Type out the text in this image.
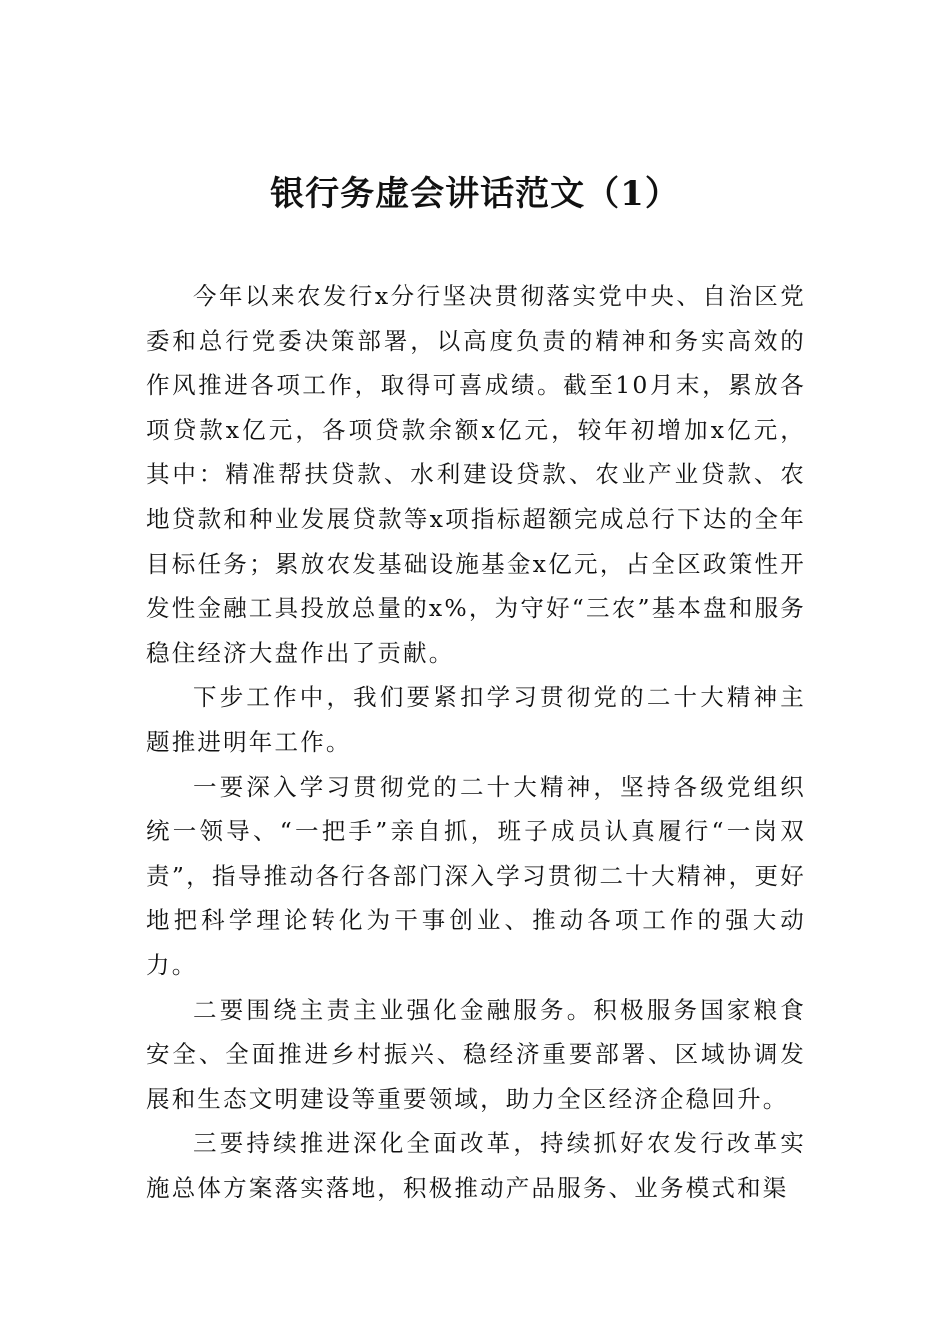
银行务虚会讲话范文（1）

今年以来农发行x分行坚决贯彻落实党中央、自治区党委和总行党委决策部署，以高度负责的精神和务实高效的作风推进各项工作，取得可喜成绩。截至10月末，累放各项贷款x亿元，各项贷款余额x亿元，较年初增加x亿元，其中：精准帮扶贷款、水利建设贷款、农业产业贷款、农地贷款和种业发展贷款等x项指标超额完成总行下达的全年目标任务；累放农发基础设施基金x亿元，占全区政策性开发性金融工具投放总量的x%，为守好“三农”基本盘和服务稳住经济大盘作出了贡献。

下步工作中，我们要紧扣学习贯彻党的二十大精神主题推进明年工作。

一要深入学习贯彻党的二十大精神，坚持各级党组织统一领导、“一把手”亲自抓，班子成员认真履行“一岗双责”，指导推动各行各部门深入学习贯彻二十大精神，更好地把科学理论转化为干事创业、推动各项工作的强大动力。

二要围绕主责主业强化金融服务。积极服务国家粮食安全、全面推进乡村振兴、稳经济重要部署、区域协调发展和生态文明建设等重要领域，助力全区经济企稳回升。

三要持续推进深化全面改革，持续抓好农发行改革实施总体方案落实落地，积极推动产品服务、业务模式和渠
